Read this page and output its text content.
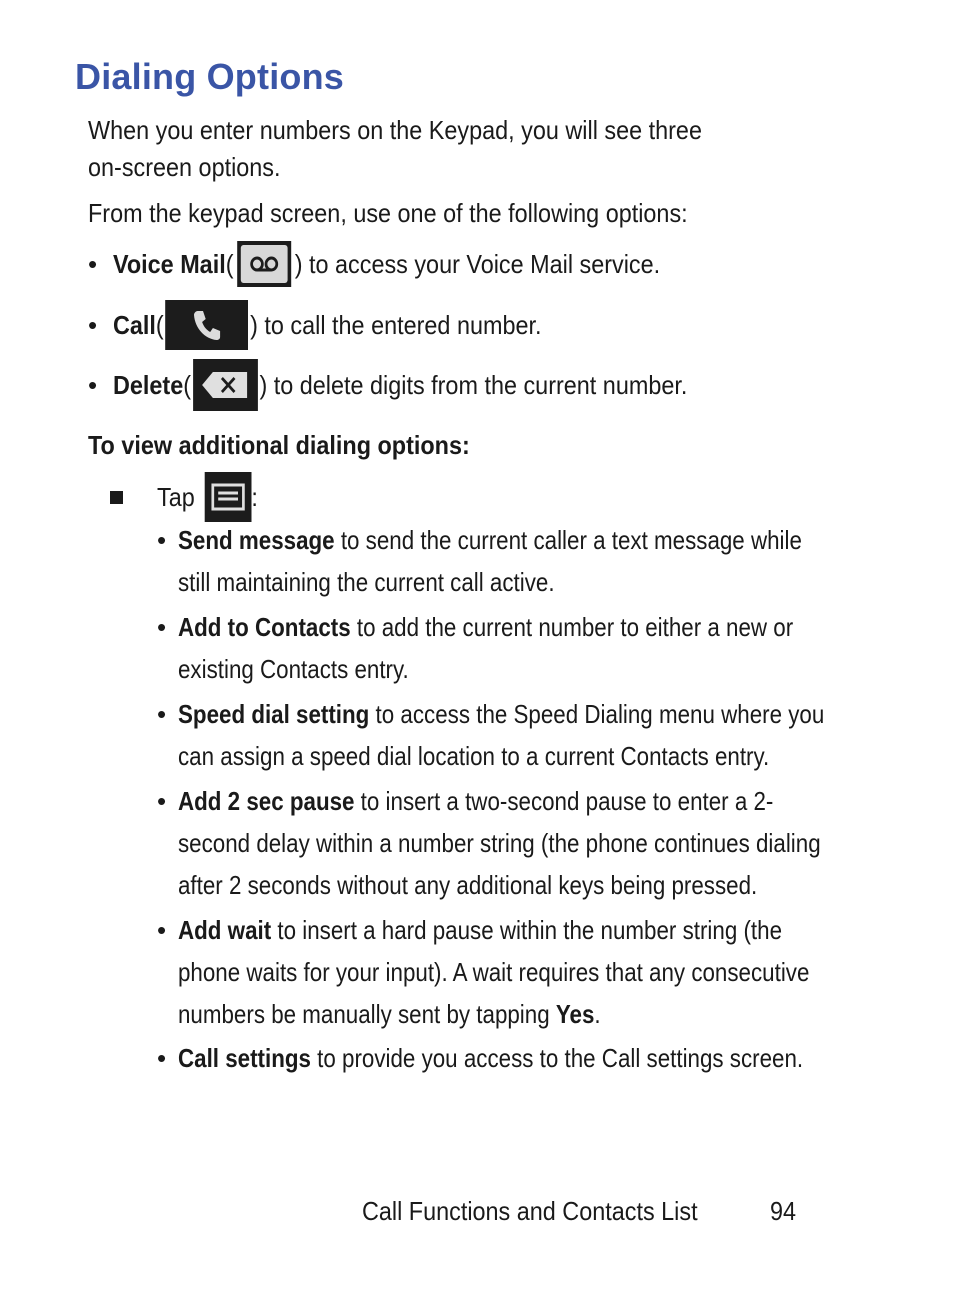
Dialing Options

When you enter numbers on the Keypad, you will see three
on-screen options.

From the keypad screen, use one of the following options:

• Voice Mail ( ) to access your Voice Mail service.
• Call (	) to call the entered number.
• Delete (	) to delete digits from the current number.
To view additional dialing options:
Tap :
• Send message to send the current caller a text message while still maintaining the current call active.
• Add to Contacts to add the current number to either a new or existing Contacts entry.
• Speed dial setting to access the Speed Dialing menu where you can assign a speed dial location to a current Contacts entry.
• Add 2 sec pause to insert a two-second pause to enter a 2-second delay within a number string (the phone continues dialing after 2 seconds without any additional keys being pressed.
• Add wait to insert a hard pause within the number string (the phone waits for your input). A wait requires that any consecutive numbers be manually sent by tapping Yes.
• Call settings to provide you access to the Call settings screen.
Call Functions and Contacts List	94
